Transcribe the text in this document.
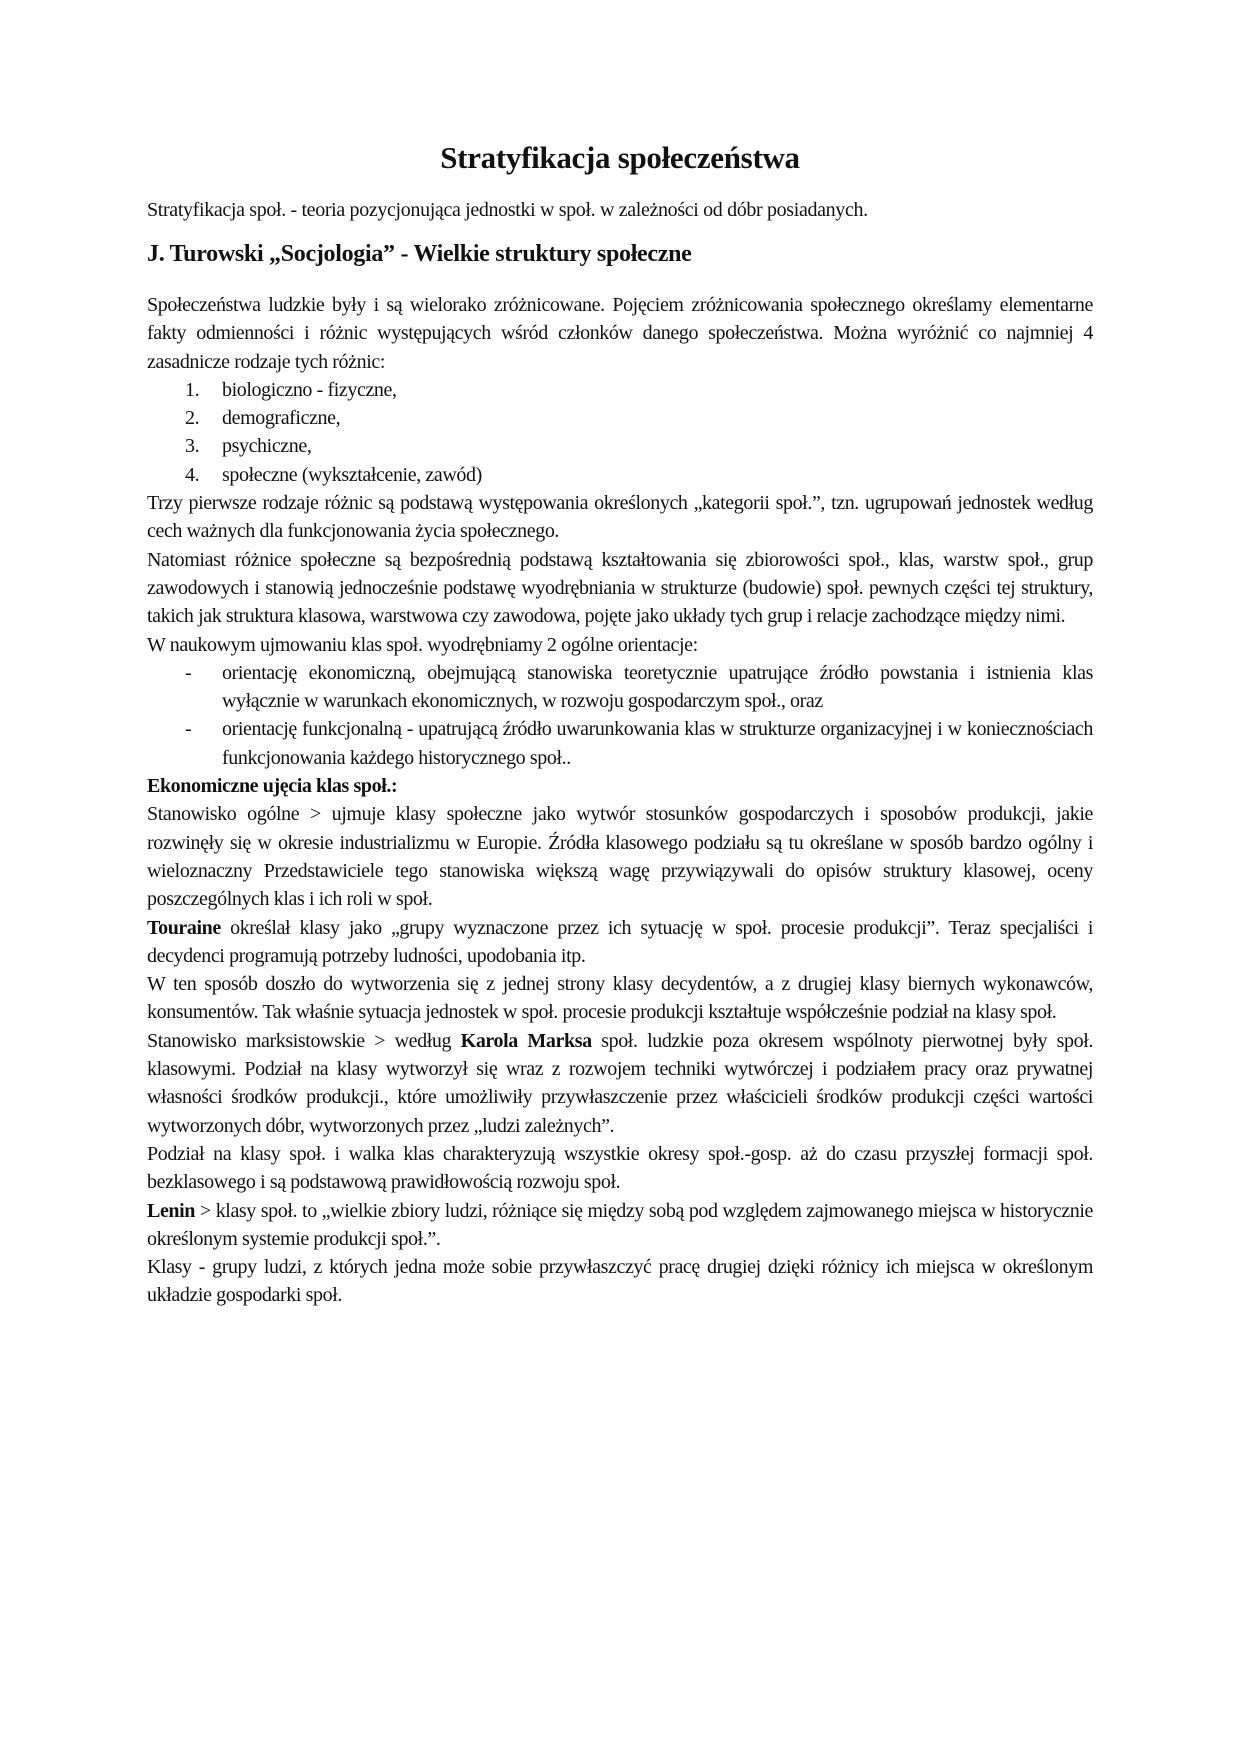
Stratyfikacja społeczeństwa

Stratyfikacja społ. - teoria pozycjonująca jednostki w społ. w zależności od dóbr posiadanych.

J. Turowski „Socjologia” - Wielkie struktury społeczne

Społeczeństwa ludzkie były i są wielorako zróżnicowane. Pojęciem zróżnicowania społecznego określamy elementarne fakty odmienności i różnic występujących wśród członków danego społeczeństwa. Można wyróżnić co najmniej 4 zasadnicze rodzaje tych różnic:

1. biologiczno - fizyczne,
2. demograficzne,
3. psychiczne,
4. społeczne (wykształcenie, zawód)

Trzy pierwsze rodzaje różnic są podstawą występowania określonych „kategorii społ.”, tzn. ugrupowań jednostek według cech ważnych dla funkcjonowania życia społecznego.

Natomiast różnice społeczne są bezpośrednią podstawą kształtowania się zbiorowości społ., klas, warstw społ., grup zawodowych i stanowią jednocześnie podstawę wyodrębniania w strukturze (budowie) społ. pewnych części tej struktury, takich jak struktura klasowa, warstwowa czy zawodowa, pojęte jako układy tych grup i relacje zachodzące między nimi.

W naukowym ujmowaniu klas społ. wyodrębniamy 2 ogólne orientacje:

- orientację ekonomiczną, obejmującą stanowiska teoretycznie upatrujące źródło powstania i istnienia klas wyłącznie w warunkach ekonomicznych, w rozwoju gospodarczym społ., oraz
- orientację funkcjonalną - upatrującą źródło uwarunkowania klas w strukturze organizacyjnej i w koniecznościach funkcjonowania każdego historycznego społ..

Ekonomiczne ujęcia klas społ.:

Stanowisko ogólne > ujmuje klasy społeczne jako wytwór stosunków gospodarczych i sposobów produkcji, jakie rozwinęły się w okresie industrializmu w Europie. Źródła klasowego podziału są tu określane w sposób bardzo ogólny i wieloznaczny Przedstawiciele tego stanowiska większą wagę przywiązywali do opisów struktury klasowej, oceny poszczególnych klas i ich roli w społ.

Touraine określał klasy jako „grupy wyznaczone przez ich sytuację w społ. procesie produkcji”. Teraz specjaliści i decydenci programują potrzeby ludności, upodobania itp.

W ten sposób doszło do wytworzenia się z jednej strony klasy decydentów, a z drugiej klasy biernych wykonawców, konsumentów. Tak właśnie sytuacja jednostek w społ. procesie produkcji kształtuje współcześnie podział na klasy społ.

Stanowisko marksistowskie > według Karola Marksa społ. ludzkie poza okresem wspólnoty pierwotnej były społ. klasowymi. Podział na klasy wytworzył się wraz z rozwojem techniki wytwórczej i podziałem pracy oraz prywatnej własności środków produkcji., które umożliwiły przywłaszczenie przez właścicieli środków produkcji części wartości wytworzonych dóbr, wytworzonych przez „ludzi zależnych”.

Podział na klasy społ. i walka klas charakteryzują wszystkie okresy społ.-gosp. aż do czasu przyszłej formacji społ. bezklasowego i są podstawową prawidłowością rozwoju społ.

Lenin > klasy społ. to „wielkie zbiory ludzi, różniące się między sobą pod względem zajmowanego miejsca w historycznie określonym systemie produkcji społ.”.

Klasy - grupy ludzi, z których jedna może sobie przywłaszczyć pracę drugiej dzięki różnicy ich miejsca w określonym układzie gospodarki społ.
